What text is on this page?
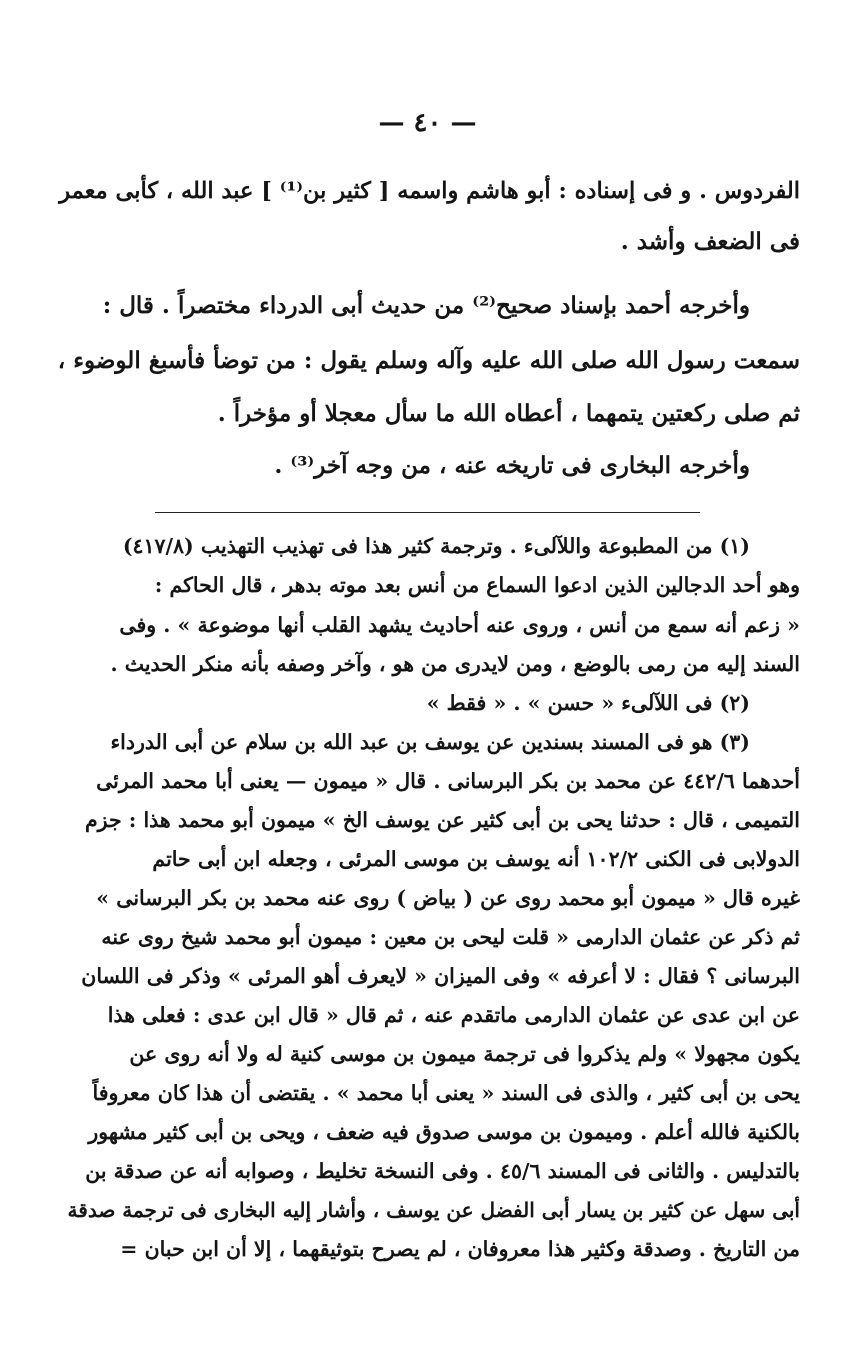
— ٤٠ —
الفردوس . و فى إسناده : أبو هاشم واسمه [ كثير بن⁽¹⁾ ] عبد الله ، كأبى معمر
فى الضعف وأشد .
وأخرجه أحمد بإسناد صحيح⁽²⁾ من حديث أبى الدرداء مختصراً . قال :
سمعت رسول الله صلى الله عليه وآله وسلم يقول : من توضأ فأسبغ الوضوء ،
ثم صلى ركعتين يتمهما ، أعطاه الله ما سأل معجلا أو مؤخراً .
وأخرجه البخارى فى تاريخه عنه ، من وجه آخر⁽³⁾ .
(١) من المطبوعة واللآلىء . وترجمة كثير هذا فى تهذيب التهذيب (٤١٧/٨)
وهو أحد الدجالين الذين ادعوا السماع من أنس بعد موته بدهر ، قال الحاكم :
« زعم أنه سمع من أنس ، وروى عنه أحاديث يشهد القلب أنها موضوعة » . وفى
السند إليه من رمى بالوضع ، ومن لايدرى من هو ، وآخر وصفه بأنه منكر الحديث .
(٢) فى اللآلىء « حسن » . « فقط »
(٣) هو فى المسند بسندين عن يوسف بن عبد الله بن سلام عن أبى الدرداء
أحدهما ٤٤٢/٦ عن محمد بن بكر البرسانى . قال « ميمون — يعنى أبا محمد المرئى
التميمى ، قال : حدثنا يحى بن أبى كثير عن يوسف الخ » ميمون أبو محمد هذا : جزم
الدولابى فى الكنى ١٠٢/٢ أنه يوسف بن موسى المرئى ، وجعله ابن أبى حاتم
غيره قال « ميمون أبو محمد روى عن ( بياض ) روى عنه محمد بن بكر البرسانى »
ثم ذكر عن عثمان الدارمى « قلت ليحى بن معين : ميمون أبو محمد شيخ روى عنه
البرسانى ؟ فقال : لا أعرفه » وفى الميزان « لايعرف أهو المرئى » وذكر فى اللسان
عن ابن عدى عن عثمان الدارمى ماتقدم عنه ، ثم قال « قال ابن عدى : فعلى هذا
يكون مجهولا » ولم يذكروا فى ترجمة ميمون بن موسى كنية له ولا أنه روى عن
يحى بن أبى كثير ، والذى فى السند « يعنى أبا محمد » . يقتضى أن هذا كان معروفاً
بالكنية فالله أعلم . وميمون بن موسى صدوق فيه ضعف ، ويحى بن أبى كثير مشهور
بالتدليس . والثانى فى المسند ٤٥/٦ . وفى النسخة تخليط ، وصوابه أنه عن صدقة بن
أبى سهل عن كثير بن يسار أبى الفضل عن يوسف ، وأشار إليه البخارى فى ترجمة صدقة
من التاريخ . وصدقة وكثير هذا معروفان ، لم يصرح بتوثيقهما ، إلا أن ابن حبان =
